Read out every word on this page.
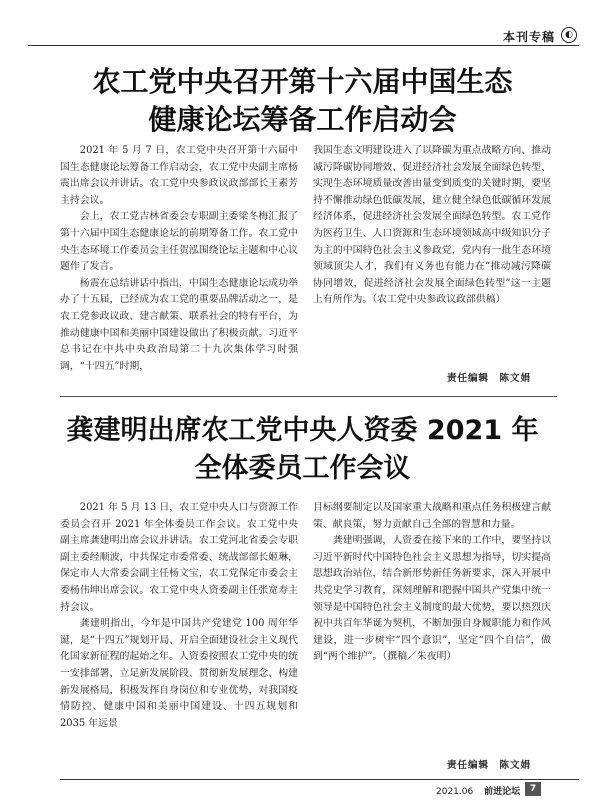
本刊专稿	◐
农工党中央召开第十六届中国生态
健康论坛筹备工作启动会

2021 年 5 月 7 日，农工党中央召开第十六届中国生态健康论坛筹备工作启动会，农工党中央副主席杨震出席会议并讲话。农工党中央参政议政部部长王素芳主持会议。

会上，农工党吉林省委会专职副主委梁冬梅汇报了第十六届中国生态健康论坛的前期筹备工作。农工党中央生态环境工作委员会主任贺泓围绕论坛主题和中心议题作了发言。

杨震在总结讲话中指出，中国生态健康论坛成功举办了十五届，已经成为农工党的重要品牌活动之一，是农工党参政议政、建言献策、联系社会的特有平台，为推动健康中国和美丽中国建设做出了积极贡献。习近平总书记在中共中央政治局第二十九次集体学习时强调，“十四五”时期，

我国生态文明建设进入了以降碳为重点战略方向、推动减污降碳协同增效、促进经济社会发展全面绿色转型、实现生态环境质量改善由量变到质变的关键时期，要坚持不懈推动绿色低碳发展，建立健全绿色低碳循环发展经济体系，促进经济社会发展全面绿色转型。农工党作为医药卫生、人口资源和生态环境领域高中级知识分子为主的中国特色社会主义参政党，党内有一批生态环境领域顶尖人才，我们有义务也有能力在“推动减污降碳协同增效，促进经济社会发展全面绿色转型”这一主题上有所作为。（农工党中央参政议政部供稿）

责任编辑　陈文娟
龚建明出席农工党中央人资委 2021 年
全体委员工作会议

2021 年 5 月 13 日，农工党中央人口与资源工作委员会召开 2021 年全体委员工作会议。农工党中央副主席龚建明出席会议并讲话。农工党河北省委会专职副主委经顺波，中共保定市委常委、统战部部长姬琳，保定市人大常委会副主任杨文宝，农工党保定市委会主委杨伟坤出席会议。农工党中央人资委副主任张宽寿主持会议。

龚建明指出，今年是中国共产党建党 100 周年华诞，是“十四五”规划开局、开启全面建设社会主义现代化国家新征程的起始之年。人资委按照农工党中央的统一安排部署，立足新发展阶段、贯彻新发展理念、构建新发展格局，积极发挥自身岗位和专业优势，对我国疫情防控、健康中国和美丽中国建设、十四五规划和 2035 年远景

目标纲要制定以及国家重大战略和重点任务积极建言献策、献良策，努力贡献自己全部的智慧和力量。

龚建明强调，人资委在接下来的工作中，要坚持以习近平新时代中国特色社会主义思想为指导，切实提高思想政治站位，结合新形势新任务新要求，深入开展中共党史学习教育，深刻理解和把握中国共产党集中统一领导是中国特色社会主义制度的最大优势，要以热烈庆祝中共百年华诞为契机，不断加强自身履职能力和作风建设，进一步树牢“四个意识”，坚定“四个自信”，做到“两个维护”。（撰稿／朱夜明）

责任编辑　陈文娟
2021.06 前进论坛	7
